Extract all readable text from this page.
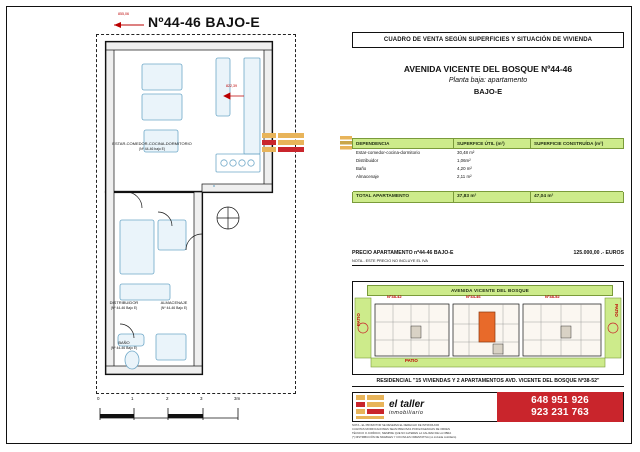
855,06 Nº44-46 BAJO-E
822,39
ESTAR-COMEDOR-COCINA-DORMITORIO
(Nº 44-46 bajo E)
DISTRIBUIDOR
(Nº 44-46 Bajo E)
ALMACENAJE
(Nº 44-46 Bajo E)
BAÑO
(Nº 44-46 Bajo E)
0	1	2	3	3m
CUADRO DE VENTA SEGÚN SUPERFICIES Y SITUACIÓN DE VIVIENDA
AVENIDA VICENTE DEL BOSQUE Nº44-46
Planta baja: apartamento
BAJO-E
DEPENDENCIA	SUPERFICE ÚTIL (m²)	SUPERFICIE CONSTRUÍDA (m²)
Estar-comedor-cocina-dormitorio	30,48 m²	
Distribuidor	1,06m²	
Baño	4,20 m²	
Almacenaje	2,11 m²	

TOTAL APARTAMENTO	37,83 m²	47,04 m²
PRECIO APARTAMENTO nº44-46 BAJO-E	125.000,00 .- EUROS
NOTA.- ESTE PRECIO NO INCLUYE EL IVA
AVENIDA VICENTE DEL BOSQUE
Nº38-42	Nº44-46	Nº48-52
PATIO
PATIO
PATIO
RESIDENCIAL "15 VIVIENDAS Y 2 APARTAMENTOS AVD. VICENTE DEL BOSQUE Nº38-52"
el taller
inmobiliario
648 951 926
923 231 763
NOTA.- EL PROMOTOR SE RESERVA EL DERECHO DE INTRODUCIR
CUANTAS MODIFICACIONES SEAN PRECISAS POR EXIGENCIAS DE ORDEN
TÉCNICO O JURÍDICO, SIEMPRE QUE NO ALTEREN LA CALIDAD DE LA OBRA
(*) DISTRIBUCIÓN DE MUEBLES Y COCINA ES ORIENTATIVA (no incluida mobiliario)
